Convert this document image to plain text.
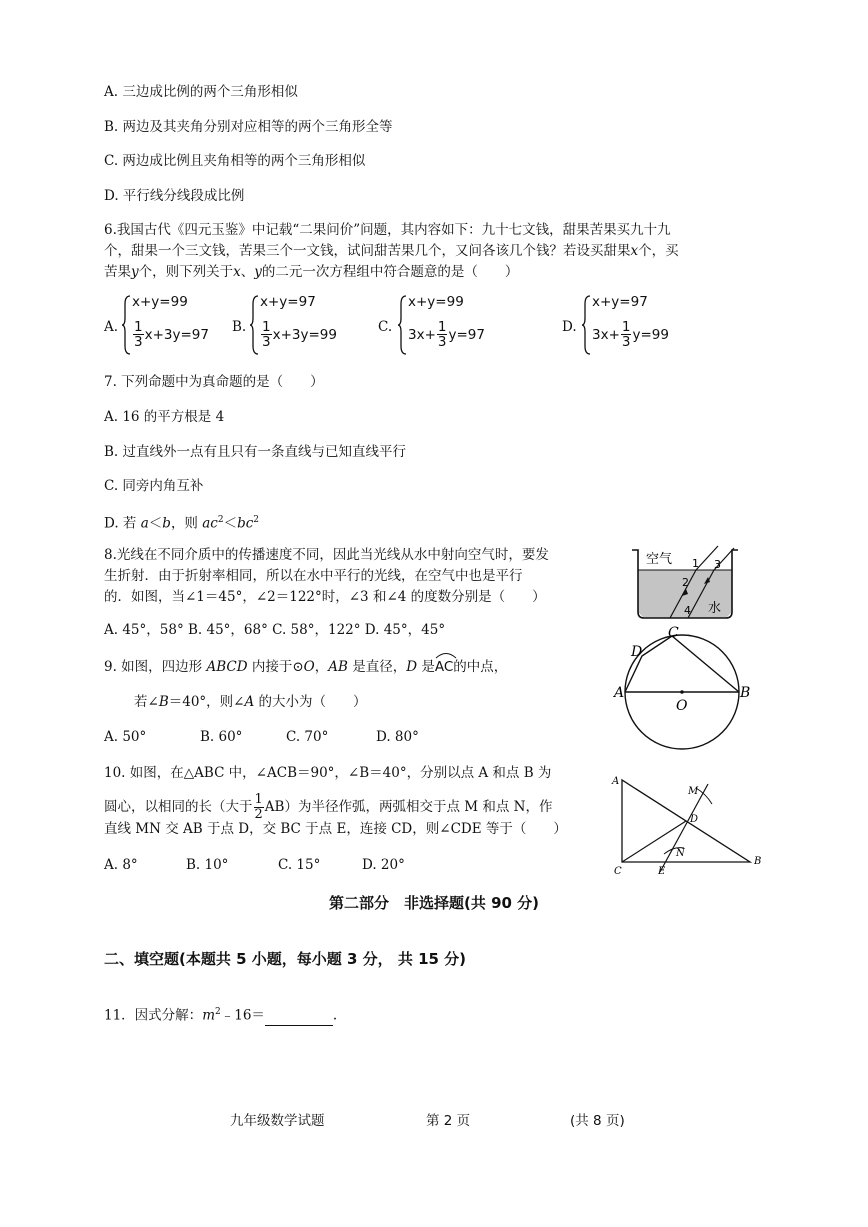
A. 三边成比例的两个三角形相似
B. 两边及其夹角分别对应相等的两个三角形全等
C. 两边成比例且夹角相等的两个三角形相似
D. 平行线分线段成比例
6.我国古代《四元玉鉴》中记载“二果问价”问题，其内容如下：九十七文钱，甜果苦果买九十九
个，甜果一个三文钱，苦果三个一文钱，试问甜苦果几个，又问各该几个钱？若设买甜果x个，买
苦果y个，则下列关于x、y的二元一次方程组中符合题意的是（　　）
A.
x+y=99
$\frac{1}{3} x+3y=97$ B.
x+y=97
$\frac{1}{3} x+3y=99$	C.
x+y=99
$3x+ \frac{1}{3} y=97$	D.
x+y=97
$3x+ \frac{1}{3} y=99$
7. 下列命题中为真命题的是（　　）
A. 16 的平方根是 4
B. 过直线外一点有且只有一条直线与已知直线平行
C. 同旁内角互补
D. 若 a＜b，则 $ac^2<bc^2$
8.光线在不同介质中的传播速度不同，因此当光线从水中射向空气时，要发
生折射．由于折射率相同，所以在水中平行的光线，在空气中也是平行
的．如图，当∠1＝45°，∠2＝122°时，∠3 和∠4 的度数分别是（　　）
A. 45°，58° B. 45°，68° C. 58°，122° D. 45°，45°
空气
水
1
2
3
4
9. 如图，四边形 ABCD 内接于⊙O，AB 是直径，D 是
AC的中点，
若∠B＝40°，则∠A 的大小为（　　）
A. 50°	B. 60°	C. 70°	D. 80°
A	B
C
D
O
10. 如图，在△ABC 中，∠ACB＝90°，∠B＝40°，分别以点 A 和点 B 为
圆心，以相同的长（大于 $\frac{1}{2} AB$）为半径作弧，两弧相交于点 M 和点 N，作
直线 MN 交 AB 于点 D，交 BC 于点 E，连接 CD，则∠CDE 等于（　　）
A. 8°	B. 10°	C. 15°	D. 20°
A
B
C
D
E
M
N
第二部分　非选择题(共 90 分)
二、填空题(本题共 5 小题，每小题 3 分， 共 15 分)
11．因式分解：$m^2﹣16=$	.
九年级数学试题	第 2 页	(共 8 页)
